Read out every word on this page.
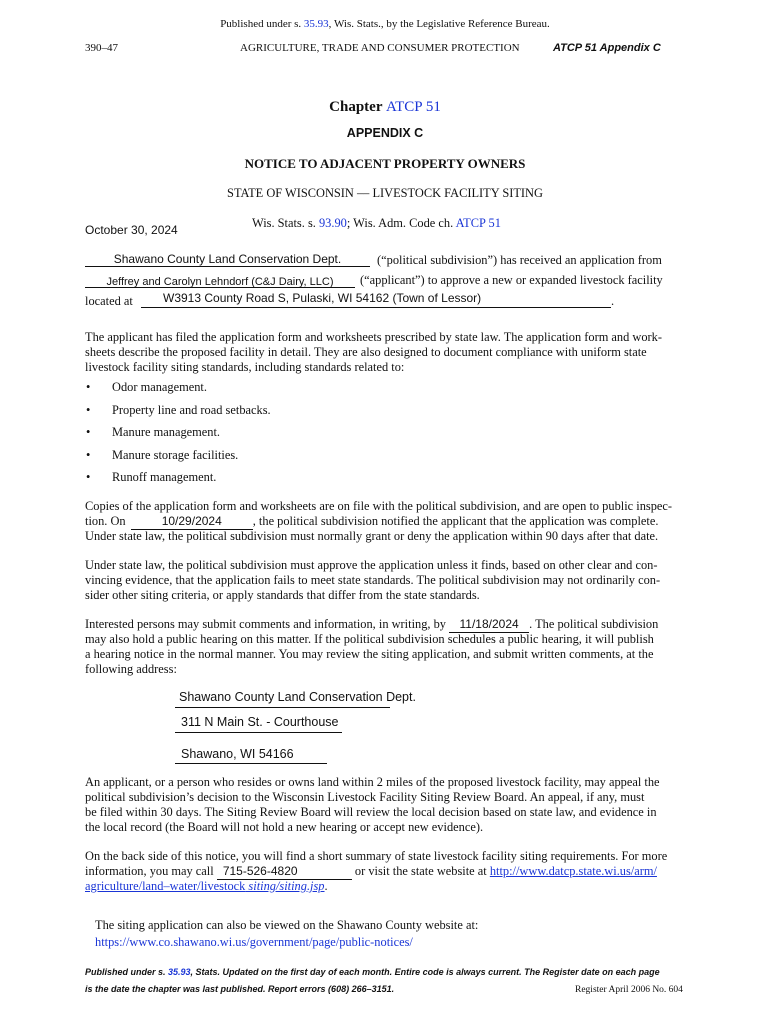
Published under s. 35.93, Wis. Stats., by the Legislative Reference Bureau.
390–47	AGRICULTURE, TRADE AND CONSUMER PROTECTION	ATCP 51 Appendix C
Chapter ATCP 51
APPENDIX C
NOTICE TO ADJACENT PROPERTY OWNERS
STATE OF WISCONSIN –– LIVESTOCK FACILITY SITING
October 30, 2024	Wis. Stats. s. 93.90; Wis. Adm. Code ch. ATCP 51
Shawano County Land Conservation Dept.	(“political subdivision”) has received an application from
Jeffrey and Carolyn Lehndorf (C&J Dairy, LLC)	(“applicant”) to approve a new or expanded livestock facility
located at	W3913 County Road S, Pulaski, WI 54162 (Town of Lessor)	.
The applicant has filed the application form and worksheets prescribed by state law. The application form and work-
sheets describe the proposed facility in detail. They are also designed to document compliance with uniform state
livestock facility siting standards, including standards related to:
• Odor management.
• Property line and road setbacks.
• Manure management.
• Manure storage facilities.
• Runoff management.
Copies of the application form and worksheets are on file with the political subdivision, and are open to public inspec-
tion. On	10/29/2024 , the political subdivision notified the applicant that the application was complete.
Under state law, the political subdivision must normally grant or deny the application within 90 days after that date.
Under state law, the political subdivision must approve the application unless it finds, based on other clear and con-
vincing evidence, that the application fails to meet state standards. The political subdivision may not ordinarily con-
sider other siting criteria, or apply standards that differ from the state standards.
Interested persons may submit comments and information, in writing, by 11/18/2024 . The political subdivision
may also hold a public hearing on this matter. If the political subdivision schedules a public hearing, it will publish
a hearing notice in the normal manner. You may review the siting application, and submit written comments, at the
following address:
Shawano County Land Conservation Dept.
311 N Main St. - Courthouse
Shawano, WI 54166
An applicant, or a person who resides or owns land within 2 miles of the proposed livestock facility, may appeal the
political subdivision’s decision to the Wisconsin Livestock Facility Siting Review Board. An appeal, if any, must
be filed within 30 days. The Siting Review Board will review the local decision based on state law, and evidence in
the local record (the Board will not hold a new hearing or accept new evidence).
On the back side of this notice, you will find a short summary of state livestock facility siting requirements. For more
information, you may call 715-526-4820	or visit the state website at http://www.datcp.state.wi.us/arm/
agriculture/land–water/livestock siting/siting.jsp.
The siting application can also be viewed on the Shawano County website at:
https://www.co.shawano.wi.us/government/page/public-notices/
Published under s. 35.93, Stats. Updated on the first day of each month. Entire code is always current. The Register date on each page
is the date the chapter was last published. Report errors (608) 266–3151.	Register April 2006 No. 604
